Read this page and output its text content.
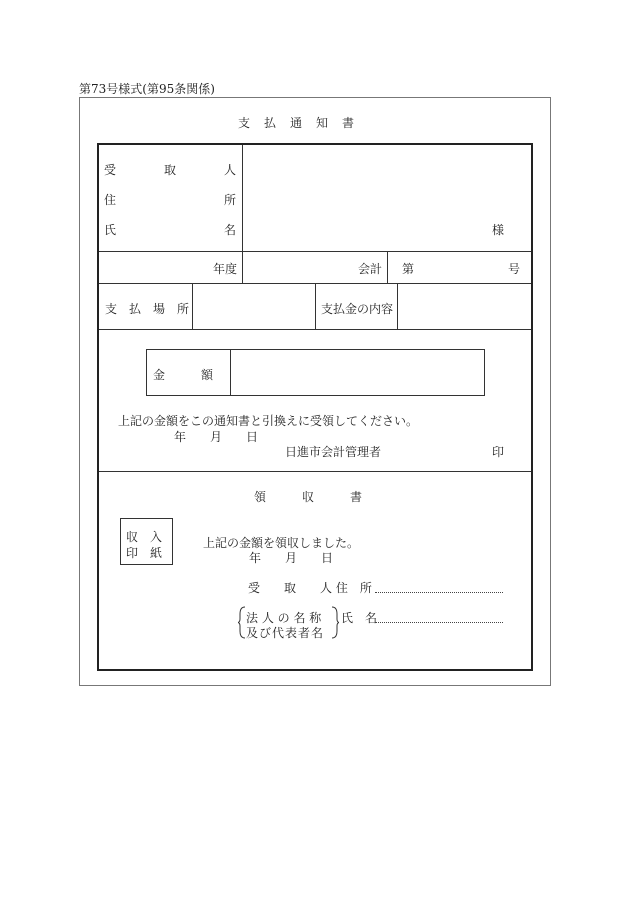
第73号様式(第95条関係)
支　払　通　知　書
受　　　　取　　　　人
住　　　　　　　　　所
氏　　　　　　　　　名	様
年度	会計 第	号
支　払　場　所	支払金の内容
金　　　額
上記の金額をこの通知書と引換えに受領してください。
年　　月　　日
日進市会計管理者	印
領　　　収　　　書
収　入
印　紙
上記の金額を領収しました。
年　　月　　日
受　　取　　人 住　所
法 人 の 名 称
及び代表者名
氏　名
